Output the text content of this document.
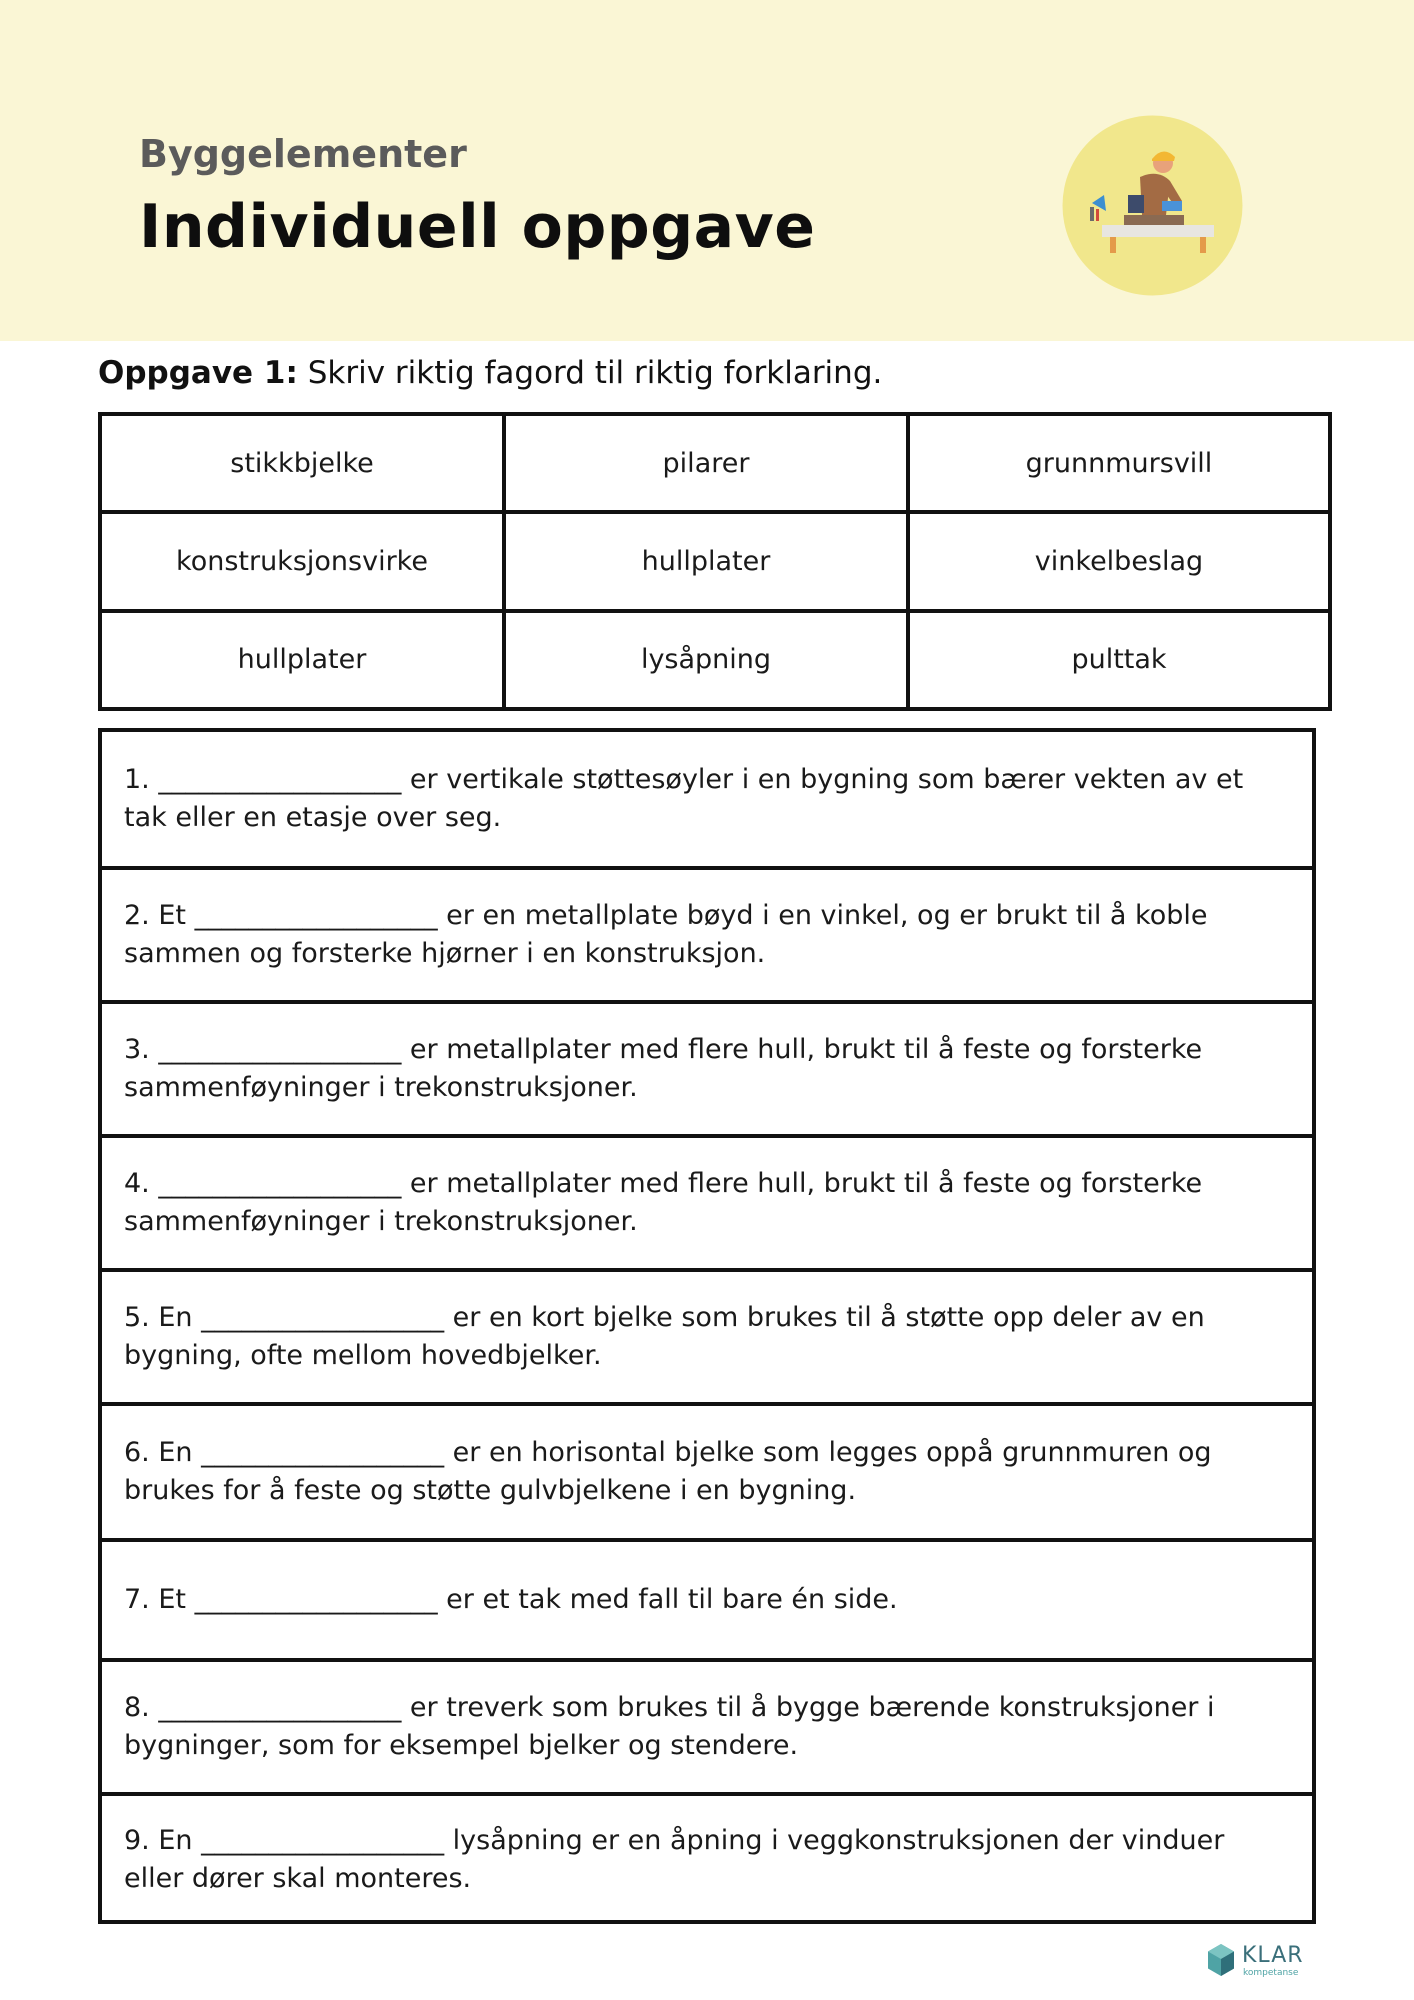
Byggelementer
Individuell oppgave

Oppgave 1: Skriv riktig fagord til riktig forklaring.

stikkbjelke	pilarer	grunnmursvill
konstruksjonsvirke	hullplater	vinkelbeslag
hullplater	lysåpning	pulttak

1. __________________ er vertikale støttesøyler i en bygning som bærer vekten av et tak eller en etasje over seg.

2. Et __________________ er en metallplate bøyd i en vinkel, og er brukt til å koble sammen og forsterke hjørner i en konstruksjon.

3. __________________ er metallplater med flere hull, brukt til å feste og forsterke sammenføyninger i trekonstruksjoner.

4. __________________ er metallplater med flere hull, brukt til å feste og forsterke sammenføyninger i trekonstruksjoner.

5. En __________________ er en kort bjelke som brukes til å støtte opp deler av en bygning, ofte mellom hovedbjelker.

6. En __________________ er en horisontal bjelke som legges oppå grunnmuren og brukes for å feste og støtte gulvbjelkene i en bygning.

7. Et __________________ er et tak med fall til bare én side.

8. __________________ er treverk som brukes til å bygge bærende konstruksjoner i bygninger, som for eksempel bjelker og stendere.

9. En __________________ lysåpning er en åpning i veggkonstruksjonen der vinduer eller dører skal monteres.

KLAR
kompetanse
